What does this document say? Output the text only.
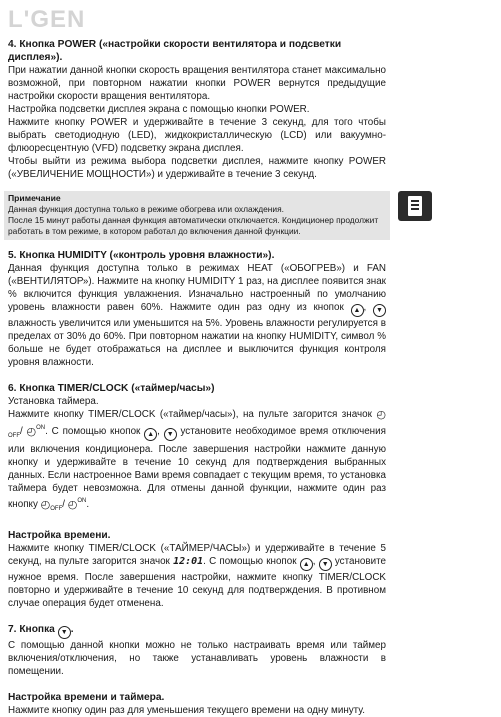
L'GEN

4. Кнопка POWER («настройки скорости вентилятора и подсветки дисплея»).

При нажатии данной кнопки скорость вращения вентилятора станет максимально возможной, при повторном нажатии кнопки POWER вернутся предыдущие настройки скорости вращения вентилятора.

Настройка подсветки дисплея экрана с помощью кнопки POWER.

Нажмите кнопку POWER и удерживайте в течение 3 секунд, для того чтобы выбрать светодиодную (LED), жидкокристаллическую (LCD) или вакуумно-флюоресцентную (VFD) подсветку экрана дисплея.

Чтобы выйти из режима выбора подсветки дисплея, нажмите кнопку POWER («УВЕЛИЧЕНИЕ МОЩНОСТИ») и удерживайте в течение 3 секунд.

Примечание
Данная функция доступна только в режиме обогрева или охлаждения.
После 15 минут работы данная функция автоматически отключается. Кондиционер продолжит работать в том режиме, в котором работал до включения данной функции.

5. Кнопка HUMIDITY («контроль уровня влажности»).

Данная функция доступна только в режимах HEAT («ОБОГРЕВ») и FAN («ВЕНТИЛЯТОР»). Нажмите на кнопку HUMIDITY 1 раз, на дисплее появится знак % включится функция увлажнения. Изначально настроенный по умолчанию уровень влажности равен 60%. Нажмите один раз одну из кнопок ▲ , ▼ влажность увеличится или уменьшится на 5%. Уровень влажности регулируется в пределах от 30% до 60%. При повторном нажатии на кнопку HUMIDITY, символ % больше не будет отображаться на дисплее и выключится функция контроля уровня влажности.

6. Кнопка TIMER/CLOCK («таймер/часы»)

Установка таймера.

Нажмите кнопку TIMER/CLOCK («таймер/часы»), на пульте загорится значок $◴_{OFF}/$ ◴$^{ON}$. С помощью кнопок ▲ , ▼ установите необходимое время отключения или включения кондиционера. После завершения настройки нажмите данную кнопку и удерживайте в течение 10 секунд для подтверждения выбранных данных. Если настроенное Вами время совпадает с текущим время, то установка таймера будет невозможна. Для отмены данной функции, нажмите один раз кнопку $◴_{OFF}/$ ◴$^{ON}$.

Настройка времени.

Нажмите кнопку TIMER/CLOCK («ТАЙМЕР/ЧАСЫ») и удерживайте в течение 5 секунд, на пульте загорится значок 12:01. С помощью кнопок ▲ , ▼ установите нужное время. После завершения настройки, нажмите кнопку TIMER/CLOCK повторно и удерживайте в течение 10 секунд для подтверждения. В противном случае операция будет отменена.

7. Кнопка ▼ .

С помощью данной кнопки можно не только настраивать время или таймер включения/отключения, но также устанавливать уровень влажности в помещении.

Настройка времени и таймера.

Нажмите кнопку один раз для уменьшения текущего времени на одну минуту.
